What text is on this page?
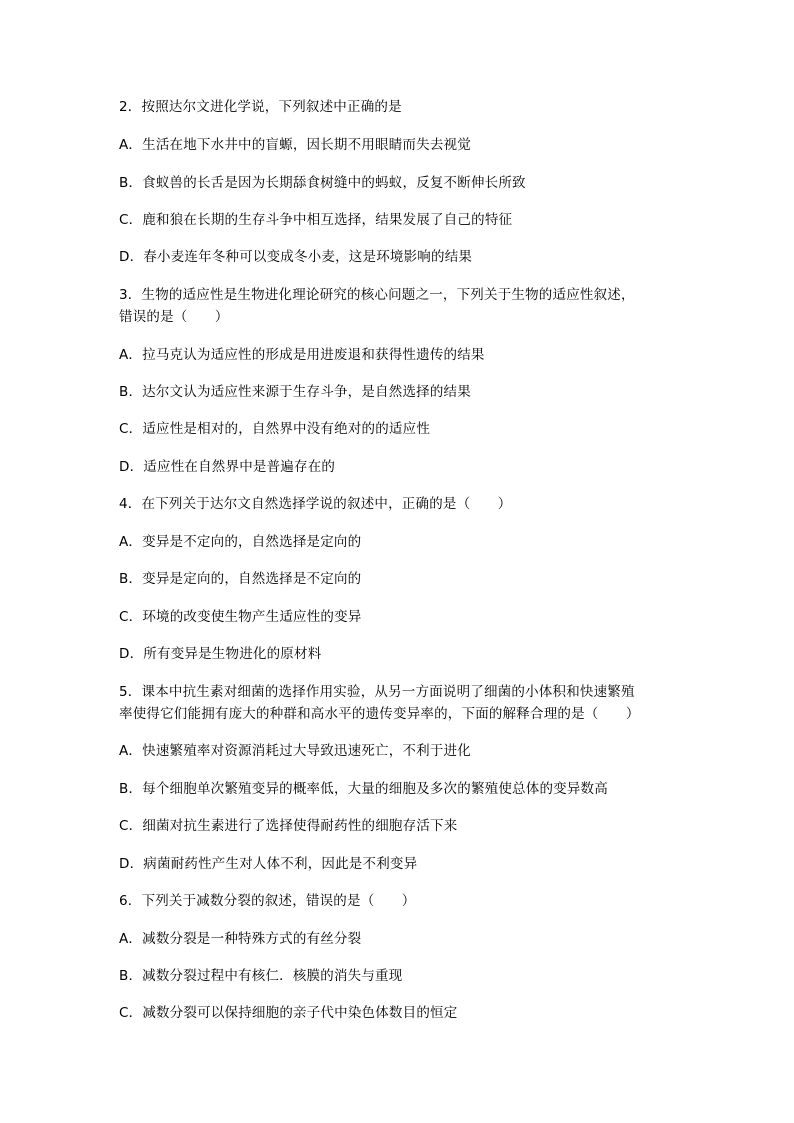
2．按照达尔文进化学说，下列叙述中正确的是
A．生活在地下水井中的盲螈，因长期不用眼睛而失去视觉
B．食蚁兽的长舌是因为长期舔食树缝中的蚂蚁，反复不断伸长所致
C．鹿和狼在长期的生存斗争中相互选择，结果发展了自己的特征
D．春小麦连年冬种可以变成冬小麦，这是环境影响的结果
3．生物的适应性是生物进化理论研究的核心问题之一，下列关于生物的适应性叙述，
错误的是（　　）
A．拉马克认为适应性的形成是用进废退和获得性遗传的结果
B．达尔文认为适应性来源于生存斗争，是自然选择的结果
C．适应性是相对的，自然界中没有绝对的的适应性
D．适应性在自然界中是普遍存在的
4．在下列关于达尔文自然选择学说的叙述中，正确的是（　　）
A．变异是不定向的，自然选择是定向的
B．变异是定向的，自然选择是不定向的
C．环境的改变使生物产生适应性的变异
D．所有变异是生物进化的原材料
5．课本中抗生素对细菌的选择作用实验，从另一方面说明了细菌的小体积和快速繁殖
率使得它们能拥有庞大的种群和高水平的遗传变异率的，下面的解释合理的是（　　）
A．快速繁殖率对资源消耗过大导致迅速死亡，不利于进化
B．每个细胞单次繁殖变异的概率低，大量的细胞及多次的繁殖使总体的变异数高
C．细菌对抗生素进行了选择使得耐药性的细胞存活下来
D．病菌耐药性产生对人体不利，因此是不利变异
6．下列关于减数分裂的叙述，错误的是（　　）
A．减数分裂是一种特殊方式的有丝分裂
B．减数分裂过程中有核仁．核膜的消失与重现
C．减数分裂可以保持细胞的亲子代中染色体数目的恒定
